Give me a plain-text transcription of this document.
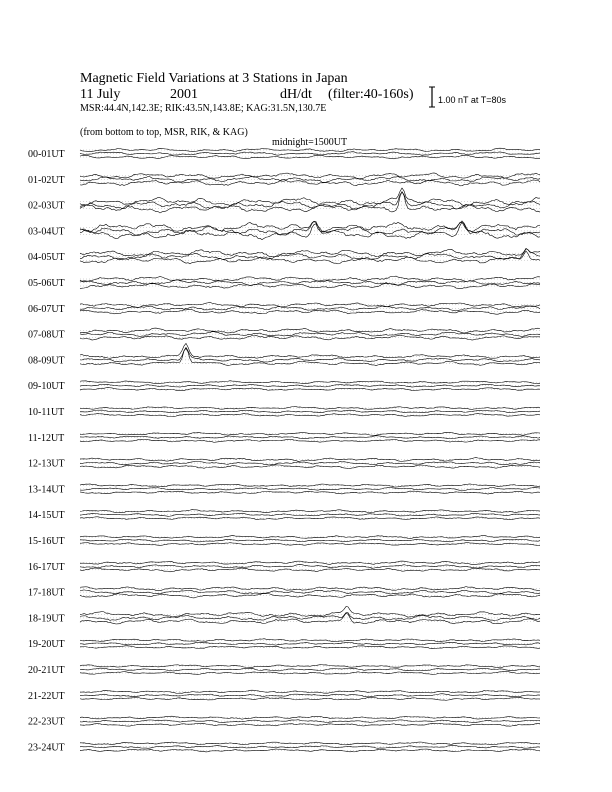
Magnetic Field Variations at 3 Stations in Japan

11 July

	2001

	dH/dt

(filter:40-160s)

MSR:44.4N,142.3E; RIK:43.5N,143.8E; KAG:31.5N,130.7E

(from bottom to top, MSR, RIK, & KAG)

midnight=1500UT

1.00 nT at T=80s
00-01UT
01-02UT
02-03UT
03-04UT
04-05UT
05-06UT
06-07UT
07-08UT
08-09UT
09-10UT
10-11UT
11-12UT
12-13UT
13-14UT
14-15UT
15-16UT
16-17UT
17-18UT
18-19UT
19-20UT
20-21UT
21-22UT
22-23UT
23-24UT
